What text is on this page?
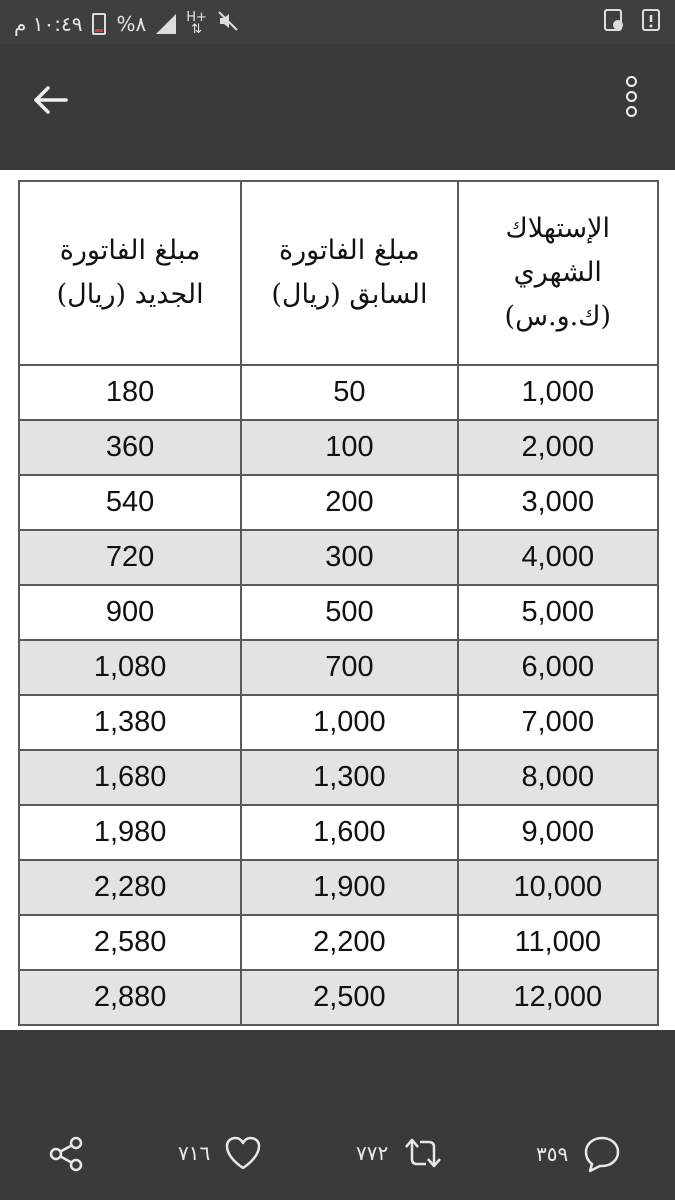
١٠:٤٩ م %٨	H+
⇅
مبلغ الفاتورة الجديد (ريال)	مبلغ الفاتورة السابق (ريال)	الإستهلاك الشهري (ك.و.س)
180	50	1,000
360	100	2,000
540	200	3,000
720	300	4,000
900	500	5,000
1,080	700	6,000
1,380	1,000	7,000
1,680	1,300	8,000
1,980	1,600	9,000
2,280	1,900	10,000
2,580	2,200	11,000
2,880	2,500	12,000
٧١٦	٧٧٢	٣٥٩
